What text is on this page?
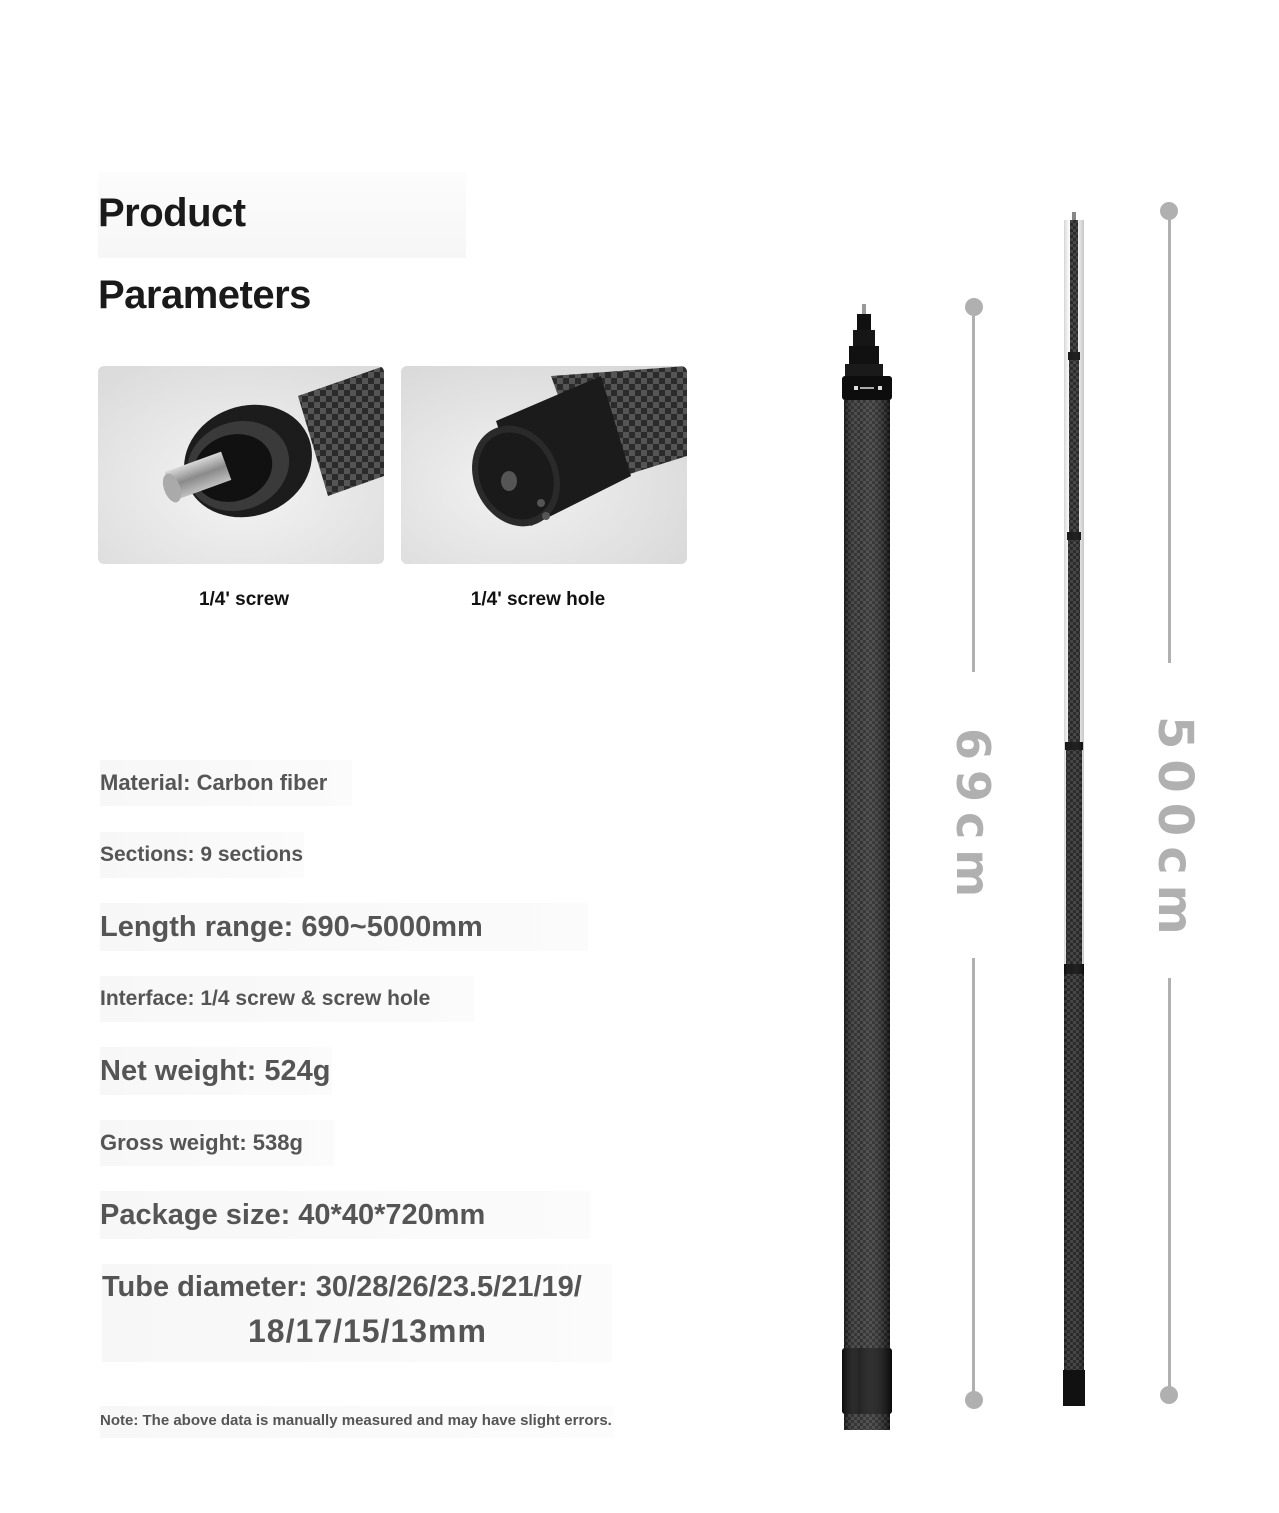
Product Parameters
1/4' screw	1/4' screw hole
Material: Carbon fiber
Sections: 9 sections
Length range: 690~5000mm
Interface: 1/4 screw & screw hole
Net weight: 524g
Gross weight: 538g
Package size: 40*40*720mm
Tube diameter: 30/28/26/23.5/21/19/
18/17/15/13mm
Note: The above data is manually measured and may have slight errors.
69cm	500cm
